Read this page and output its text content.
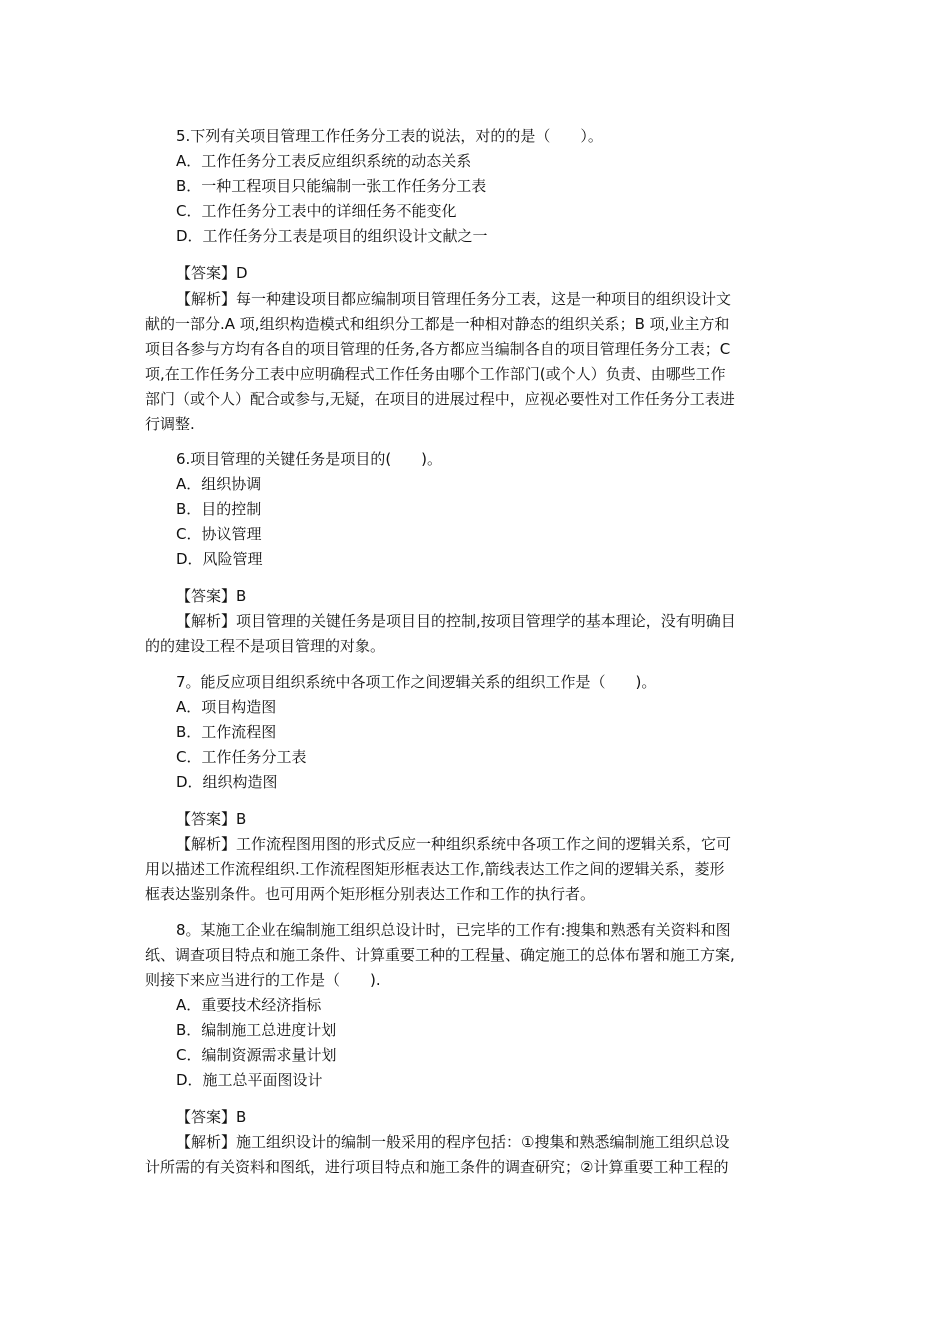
5.下列有关项目管理工作任务分工表的说法，对的的是（　　）。
A．工作任务分工表反应组织系统的动态关系
B．一种工程项目只能编制一张工作任务分工表
C．工作任务分工表中的详细任务不能变化
D．工作任务分工表是项目的组织设计文献之一
【答案】D
【解析】每一种建设项目都应编制项目管理任务分工表，这是一种项目的组织设计文
献的一部分.A 项,组织构造模式和组织分工都是一种相对静态的组织关系；B 项,业主方和
项目各参与方均有各自的项目管理的任务,各方都应当编制各自的项目管理任务分工表；C
项,在工作任务分工表中应明确程式工作任务由哪个工作部门(或个人）负责、由哪些工作
部门（或个人）配合或参与,无疑，在项目的进展过程中，应视必要性对工作任务分工表进
行调整.
6.项目管理的关键任务是项目的(　　)。
A．组织协调
B．目的控制
C．协议管理
D．风险管理
【答案】B
【解析】项目管理的关键任务是项目目的控制,按项目管理学的基本理论，没有明确目
的的建设工程不是项目管理的对象。
7。能反应项目组织系统中各项工作之间逻辑关系的组织工作是（　　)。
A．项目构造图
B．工作流程图
C．工作任务分工表
D．组织构造图
【答案】B
【解析】工作流程图用图的形式反应一种组织系统中各项工作之间的逻辑关系，它可
用以描述工作流程组织.工作流程图矩形框表达工作,箭线表达工作之间的逻辑关系，菱形
框表达鉴别条件。也可用两个矩形框分别表达工作和工作的执行者。
8。某施工企业在编制施工组织总设计时，已完毕的工作有:搜集和熟悉有关资料和图
纸、调查项目特点和施工条件、计算重要工种的工程量、确定施工的总体布署和施工方案,
则接下来应当进行的工作是（　　).
A．重要技术经济指标
B．编制施工总进度计划
C．编制资源需求量计划
D．施工总平面图设计
【答案】B
【解析】施工组织设计的编制一般采用的程序包括：①搜集和熟悉编制施工组织总设
计所需的有关资料和图纸，进行项目特点和施工条件的调查研究；②计算重要工种工程的
